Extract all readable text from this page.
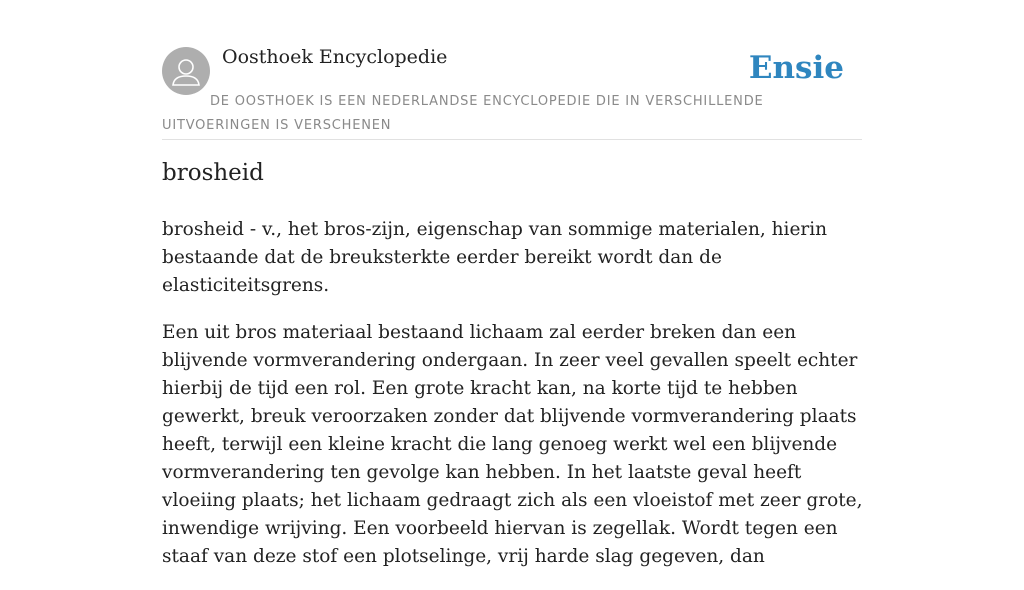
Oosthoek Encyclopedie	Ensie
DE OOSTHOEK IS EEN NEDERLANDSE ENCYCLOPEDIE DIE IN VERSCHILLENDE UITVOERINGEN IS VERSCHENEN
brosheid

brosheid - v., het bros-zijn, eigenschap van sommige materialen, hierin bestaande dat de breuksterkte eerder bereikt wordt dan de elasticiteitsgrens.

Een uit bros materiaal bestaand lichaam zal eerder breken dan een blijvende vormverandering ondergaan. In zeer veel gevallen speelt echter hierbij de tijd een rol. Een grote kracht kan, na korte tijd te hebben gewerkt, breuk veroorzaken zonder dat blijvende vormverandering plaats heeft, terwijl een kleine kracht die lang genoeg werkt wel een blijvende vormverandering ten gevolge kan hebben. In het laatste geval heeft vloeiing plaats; het lichaam gedraagt zich als een vloeistof met zeer grote, inwendige wrijving. Een voorbeeld hiervan is zegellak. Wordt tegen een staaf van deze stof een plotselinge, vrij harde slag gegeven, dan
